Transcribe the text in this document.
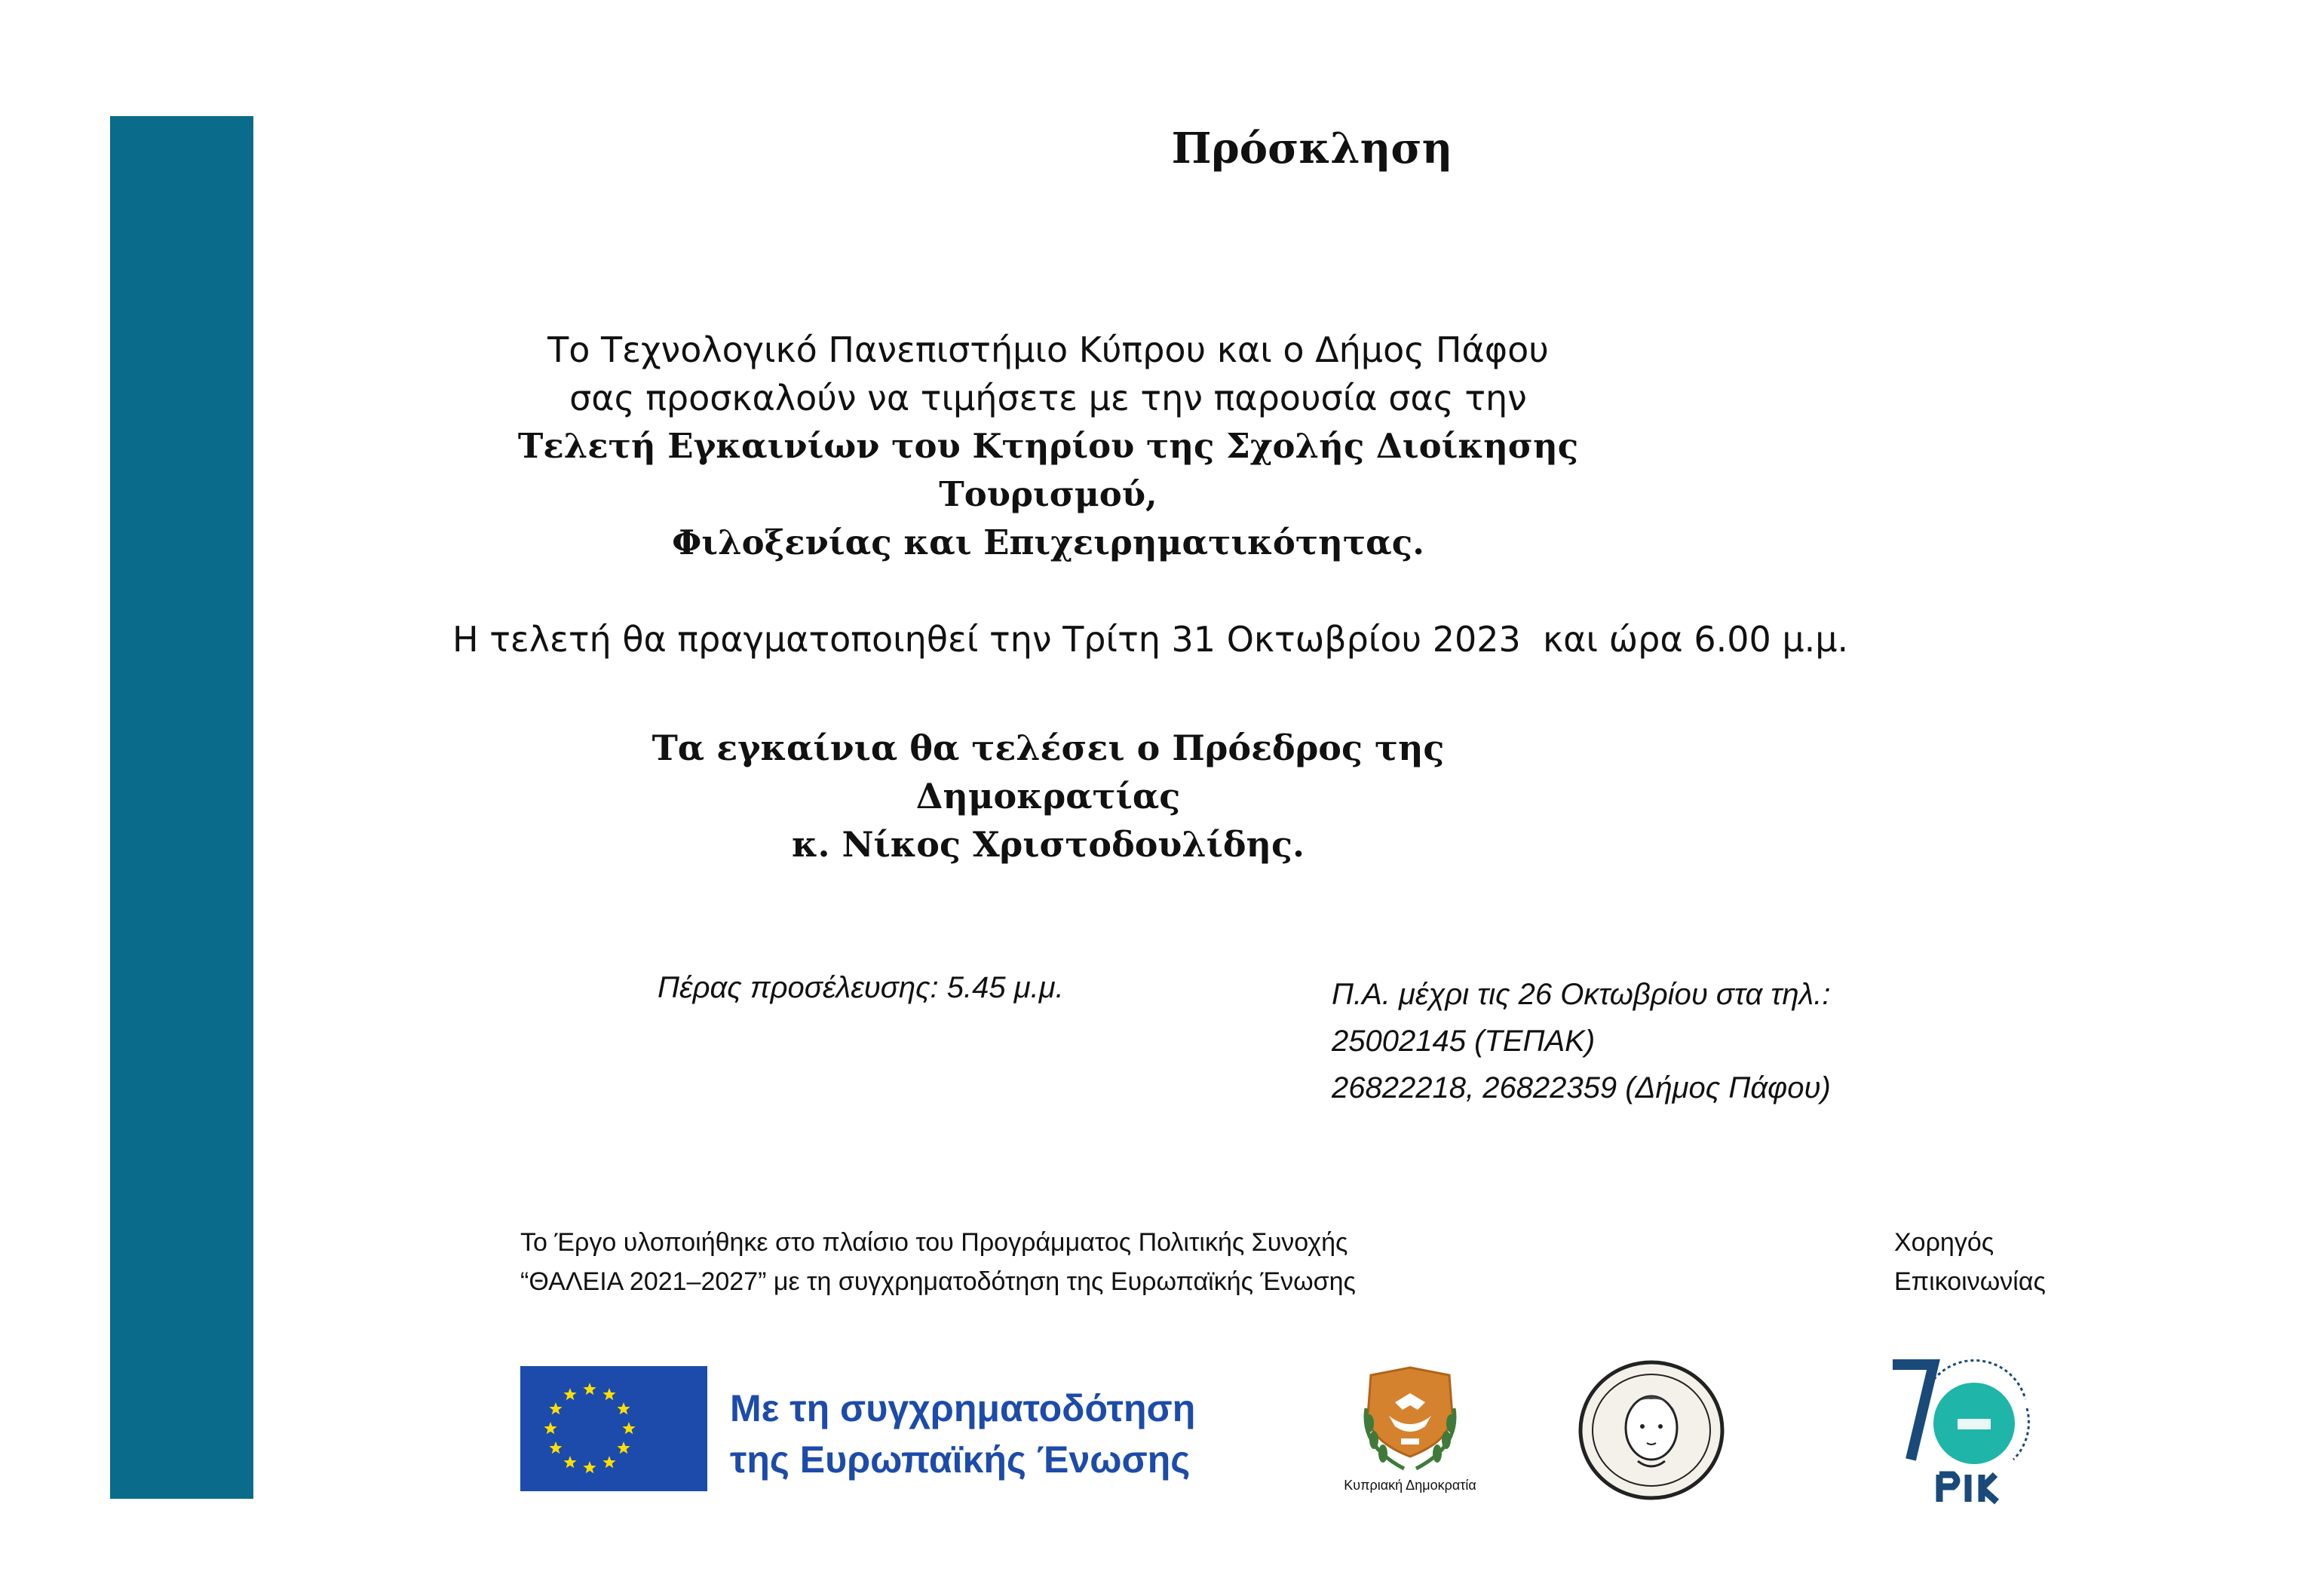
Πρόσκληση
Το Τεχνολογικό Πανεπιστήμιο Κύπρου και ο Δήμος Πάφου
σας προσκαλούν να τιμήσετε με την παρουσία σας την
Τελετή Εγκαινίων του Κτηρίου της Σχολής Διοίκησης Τουρισμού,
Φιλοξενίας και Επιχειρηματικότητας.
Η τελετή θα πραγματοποιηθεί την Τρίτη 31 Οκτωβρίου 2023  και ώρα 6.00 μ.μ.
Τα εγκαίνια θα τελέσει ο Πρόεδρος της Δημοκρατίας
κ. Νίκος Χριστοδουλίδης.
Πέρας προσέλευσης: 5.45 μ.μ.	Π.Α. μέχρι τις 26 Οκτωβρίου στα τηλ.:
25002145 (ΤΕΠΑΚ)
26822218, 26822359 (Δήμος Πάφου)
Το Έργο υλοποιήθηκε στο πλαίσιο του Προγράμματος Πολιτικής Συνοχής
“ΘΑΛΕΙΑ 2021–2027” με τη συγχρηματοδότηση της Ευρωπαϊκής Ένωσης
Χορηγός
Επικοινωνίας
Με τη συγχρηματοδότηση
της Ευρωπαϊκής Ένωσης
Κυπριακή Δημοκρατία
